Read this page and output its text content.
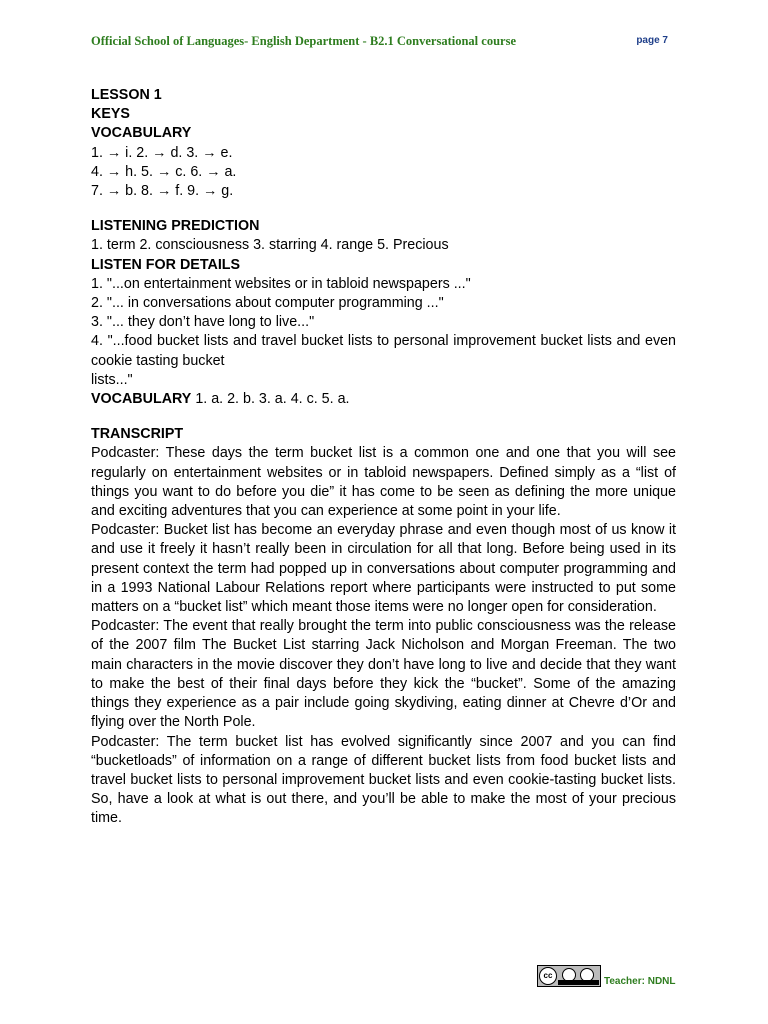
Official School of Languages- English Department - B2.1 Conversational course	page 7
LESSON 1
KEYS
VOCABULARY
1. → i. 2. → d. 3. → e.
4. → h. 5. → c. 6. → a.
7. → b. 8. → f. 9. → g.
LISTENING PREDICTION
1. term 2. consciousness 3. starring 4. range 5. Precious
LISTEN FOR DETAILS
1. "...on entertainment websites or in tabloid newspapers ..."
2. "... in conversations about computer programming ..."
3. "... they don’t have long to live..."
4. "...food bucket lists and travel bucket lists to personal improvement bucket lists and even cookie tasting bucket
lists..."
VOCABULARY 1. a. 2. b. 3. a. 4. c. 5. a.
TRANSCRIPT
Podcaster: These days the term bucket list is a common one and one that you will see regularly on entertainment websites or in tabloid newspapers. Defined simply as a “list of things you want to do before you die” it has come to be seen as defining the more unique and exciting adventures that you can experience at some point in your life.
Podcaster: Bucket list has become an everyday phrase and even though most of us know it and use it freely it hasn’t really been in circulation for all that long. Before being used in its present context the term had popped up in conversations about computer programming and in a 1993 National Labour Relations report where participants were instructed to put some matters on a “bucket list” which meant those items were no longer open for consideration.
Podcaster: The event that really brought the term into public consciousness was the release of the 2007 film The Bucket List starring Jack Nicholson and Morgan Freeman. The two main characters in the movie discover they don’t have long to live and decide that they want to make the best of their final days before they kick the “bucket”. Some of the amazing things they experience as a pair include going skydiving, eating dinner at Chevre d’Or and flying over the North Pole.
Podcaster: The term bucket list has evolved significantly since 2007 and you can find “bucketloads” of information on a range of different bucket lists from food bucket lists and travel bucket lists to personal improvement bucket lists and even cookie-tasting bucket lists. So, have a look at what is out there, and you’ll be able to make the most of your precious time.
cc
Teacher: NDNL
